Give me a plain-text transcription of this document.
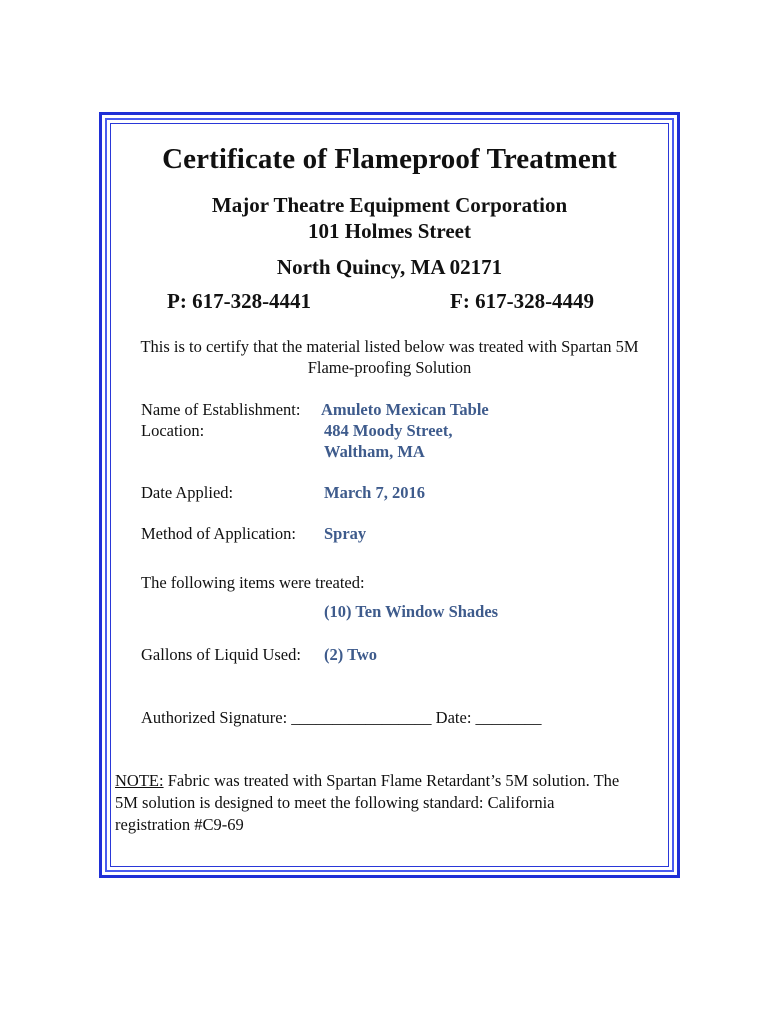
Certificate of Flameproof Treatment
Major Theatre Equipment Corporation
101 Holmes Street
North Quincy, MA 02171
P: 617-328-4441	F: 617-328-4449
This is to certify that the material listed below was treated with Spartan 5M
Flame-proofing Solution
Name of Establishment: Amuleto Mexican Table
Location:	484 Moody Street,
Waltham, MA
Date Applied:	March 7, 2016
Method of Application: Spray
The following items were treated:
(10) Ten Window Shades
Gallons of Liquid Used: (2) Two
Authorized Signature: _________________ Date: ________
NOTE: Fabric was treated with Spartan Flame Retardant’s 5M solution. The
5M solution is designed to meet the following standard: California
registration #C9-69
